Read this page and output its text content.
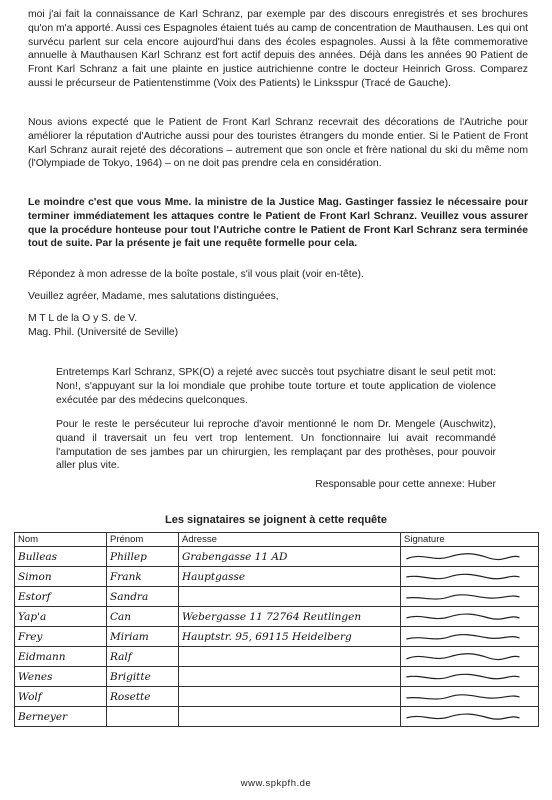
moi j'ai fait la connaissance de Karl Schranz, par exemple par des discours enregistrés et ses brochures qu'on m'a apporté. Aussi ces Espagnoles étaient tués au camp de concentration de Mauthausen. Les qui ont survécu parlent sur cela encore aujourd'hui dans des écoles espagnoles. Aussi à la fête commemorative annuelle à Mauthausen Karl Schranz est fort actif depuis des années. Déjà dans les années 90 Patient de Front Karl Schranz a fait une plainte en justice autrichienne contre le docteur Heinrich Gross. Comparez aussi le précurseur de Patientenstimme (Voix des Patients) le Linksspur (Tracé de Gauche).

Nous avions expecté que le Patient de Front Karl Schranz recevrait des décorations de l'Autriche pour améliorer la réputation d'Autriche aussi pour des touristes étrangers du monde entier. Si le Patient de Front Karl Schranz aurait rejeté des décorations – autrement que son oncle et frère national du ski du même nom (l'Olympiade de Tokyo, 1964) – on ne doit pas prendre cela en considération.

Le moindre c'est que vous Mme. la ministre de la Justice Mag. Gastinger fassiez le nécessaire pour terminer immédiatement les attaques contre le Patient de Front Karl Schranz. Veuillez vous assurer que la procédure honteuse pour tout l'Autriche contre le Patient de Front Karl Schranz sera terminée tout de suite. Par la présente je fait une requête formelle pour cela.

Répondez à mon adresse de la boîte postale, s'il vous plait (voir en-tête).

Veuillez agréer, Madame, mes salutations distinguées,

M T L de la O y S. de V.

Mag. Phil. (Université de Seville)

Entretemps Karl Schranz, SPK(O) a rejeté avec succès tout psychiatre disant le seul petit mot: Non!, s'appuyant sur la loi mondiale que prohibe toute torture et toute application de violence exécutée par des médecins quelconques.

Pour le reste le persécuteur lui reproche d'avoir mentionné le nom Dr. Mengele (Auschwitz), quand il traversait un feu vert trop lentement. Un fonctionnaire lui avait recommandé l'amputation de ses jambes par un chirurgien, les remplaçant par des prothèses, pour pouvoir aller plus vite.

Responsable pour cette annexe: Huber

Les signataires se joignent à cette requête
Nom	Prénom	Adresse	Signature
Bulleas	Phillep	Grabengasse 11 AD	
Simon	Frank	Hauptgasse	
Estorf	Sandra		
Yap'a	Can	Webergasse 11 72764 Reutlingen	
Frey	Miriam	Hauptstr. 95, 69115 Heidelberg	
Eidmann	Ralf		
Wenes	Brigitte		
Wolf	Rosette		
Berneyer			
www.spkpfh.de
